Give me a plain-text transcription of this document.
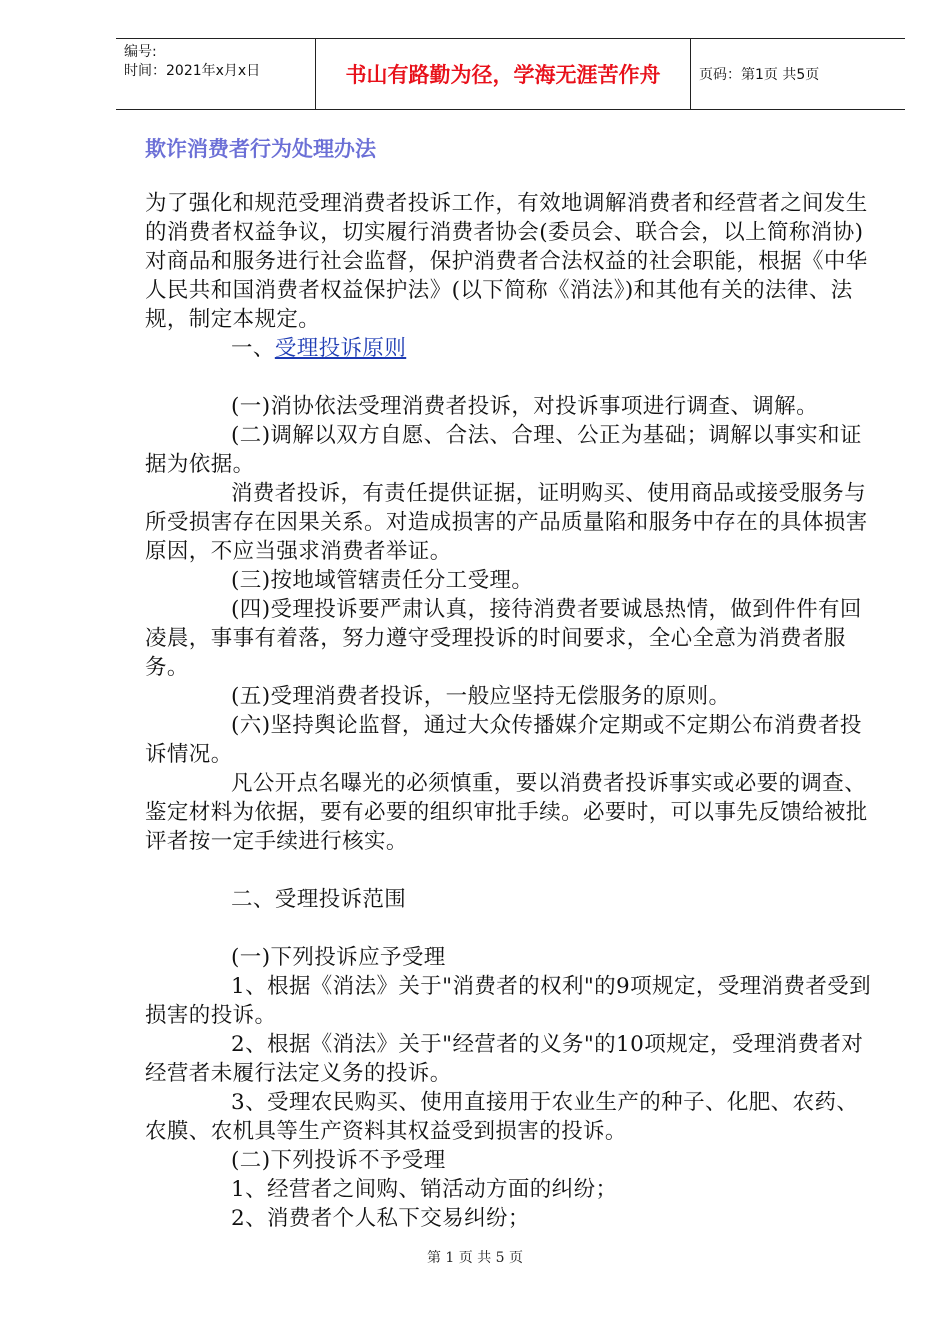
编号:
时间：2021年x月x日	书山有路勤为径，学海无涯苦作舟	页码：第1页 共5页
欺诈消费者行为处理办法

为了强化和规范受理消费者投诉工作，有效地调解消费者和经营者之间发生的消费者权益争议，切实履行消费者协会(委员会、联合会，以上简称消协)对商品和服务进行社会监督，保护消费者合法权益的社会职能，根据《中华人民共和国消费者权益保护法》(以下简称《消法》)和其他有关的法律、法规，制定本规定。

一、受理投诉原则

(一)消协依法受理消费者投诉，对投诉事项进行调查、调解。

(二)调解以双方自愿、合法、合理、公正为基础；调解以事实和证据为依据。

消费者投诉，有责任提供证据，证明购买、使用商品或接受服务与所受损害存在因果关系。对造成损害的产品质量陷和服务中存在的具体损害原因，不应当强求消费者举证。

(三)按地域管辖责任分工受理。

(四)受理投诉要严肃认真，接待消费者要诚恳热情，做到件件有回凌晨，事事有着落，努力遵守受理投诉的时间要求，全心全意为消费者服务。

(五)受理消费者投诉，一般应坚持无偿服务的原则。

(六)坚持舆论监督，通过大众传播媒介定期或不定期公布消费者投诉情况。

凡公开点名曝光的必须慎重，要以消费者投诉事实或必要的调查、鉴定材料为依据，要有必要的组织审批手续。必要时，可以事先反馈给被批评者按一定手续进行核实。

二、受理投诉范围

(一)下列投诉应予受理

1、根据《消法》关于"消费者的权利"的9项规定，受理消费者受到损害的投诉。

2、根据《消法》关于"经营者的义务"的10项规定，受理消费者对经营者未履行法定义务的投诉。

3、受理农民购买、使用直接用于农业生产的种子、化肥、农药、农膜、农机具等生产资料其权益受到损害的投诉。

(二)下列投诉不予受理

1、经营者之间购、销活动方面的纠纷；

2、消费者个人私下交易纠纷；

第 1 页 共 5 页
